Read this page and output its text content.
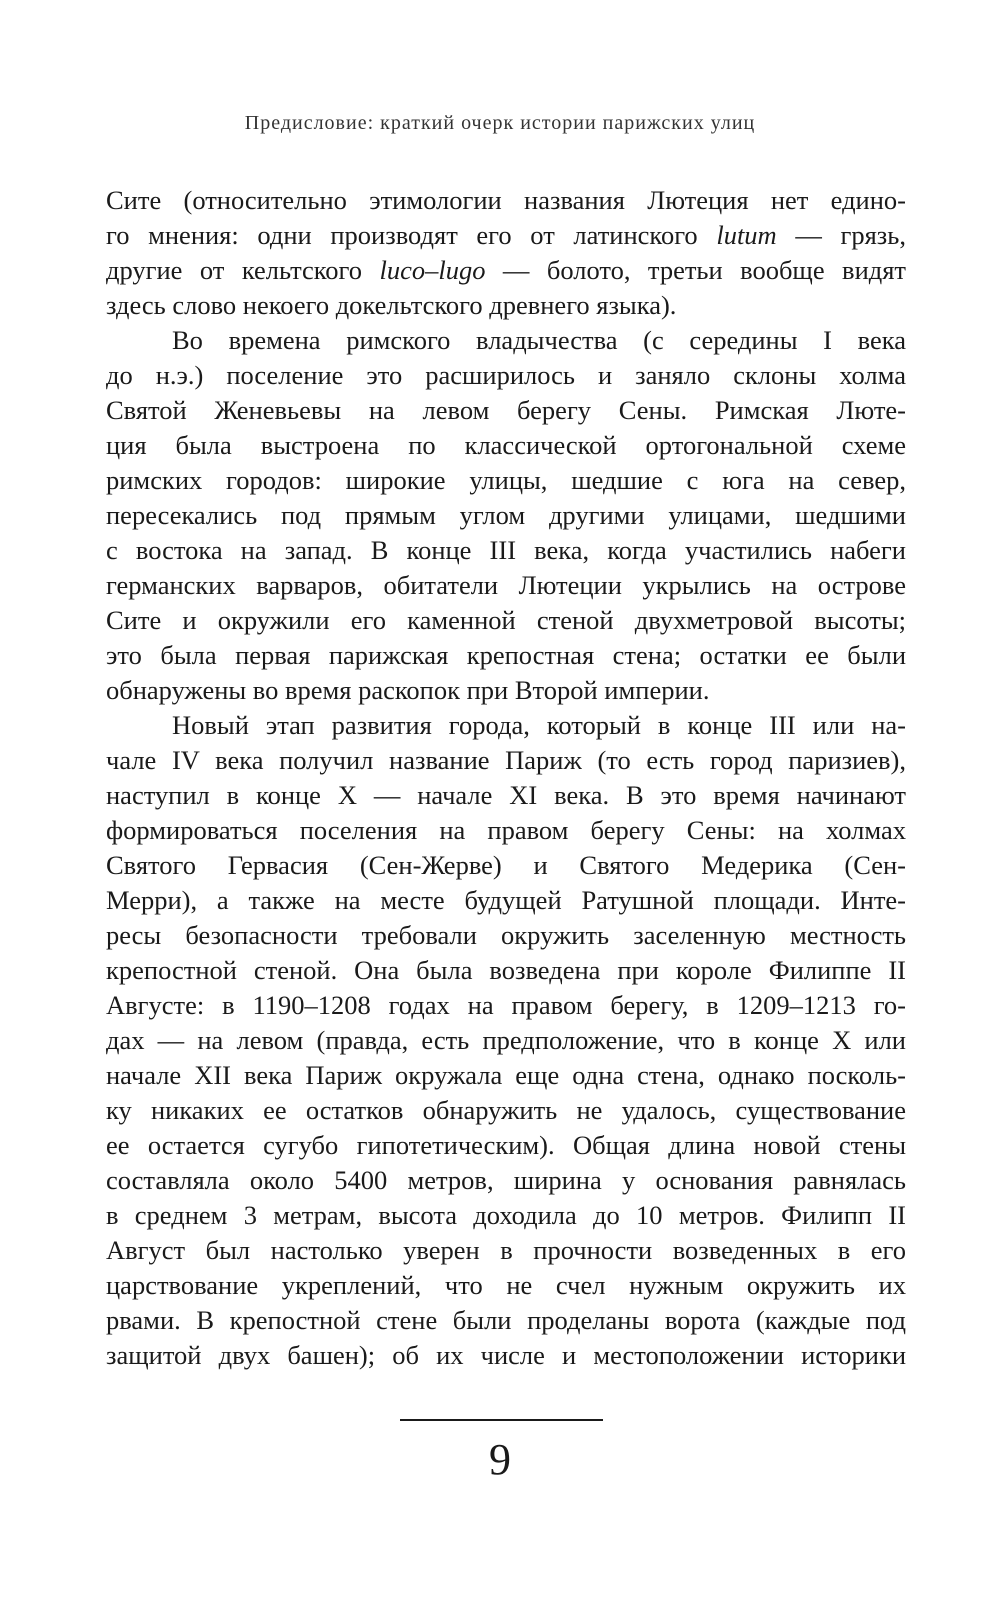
Предисловие: краткий очерк истории парижских улиц
Сите (относительно этимологии названия Лютеция нет едино-
го мнения: одни производят его от латинского lutum — грязь,
другие от кельтского luco–lugo — болото, третьи вообще видят
здесь слово некоего докельтского древнего языка).
Во времена римского владычества (с середины I века
до н.э.) поселение это расширилось и заняло склоны холма
Святой Женевьевы на левом берегу Сены. Римская Люте-
ция была выстроена по классической ортогональной схеме
римских городов: широкие улицы, шедшие с юга на север,
пересекались под прямым углом другими улицами, шедшими
с востока на запад. В конце III века, когда участились набеги
германских варваров, обитатели Лютеции укрылись на острове
Сите и окружили его каменной стеной двухметровой высоты;
это была первая парижская крепостная стена; остатки ее были
обнаружены во время раскопок при Второй империи.
Новый этап развития города, который в конце III или на-
чале IV века получил название Париж (то есть город паризиев),
наступил в конце X — начале XI века. В это время начинают
формироваться поселения на правом берегу Сены: на холмах
Святого Гервасия (Сен-Жерве) и Святого Медерика (Сен-
Мерри), а также на месте будущей Ратушной площади. Инте-
ресы безопасности требовали окружить заселенную местность
крепостной стеной. Она была возведена при короле Филиппе II
Августе: в 1190–1208 годах на правом берегу, в 1209–1213 го-
дах — на левом (правда, есть предположение, что в конце X или
начале XII века Париж окружала еще одна стена, однако посколь-
ку никаких ее остатков обнаружить не удалось, существование
ее остается сугубо гипотетическим). Общая длина новой стены
составляла около 5400 метров, ширина у основания равнялась
в среднем 3 метрам, высота доходила до 10 метров. Филипп II
Август был настолько уверен в прочности возведенных в его
царствование укреплений, что не счел нужным окружить их
рвами. В крепостной стене были проделаны ворота (каждые под
защитой двух башен); об их числе и местоположении историки
9
